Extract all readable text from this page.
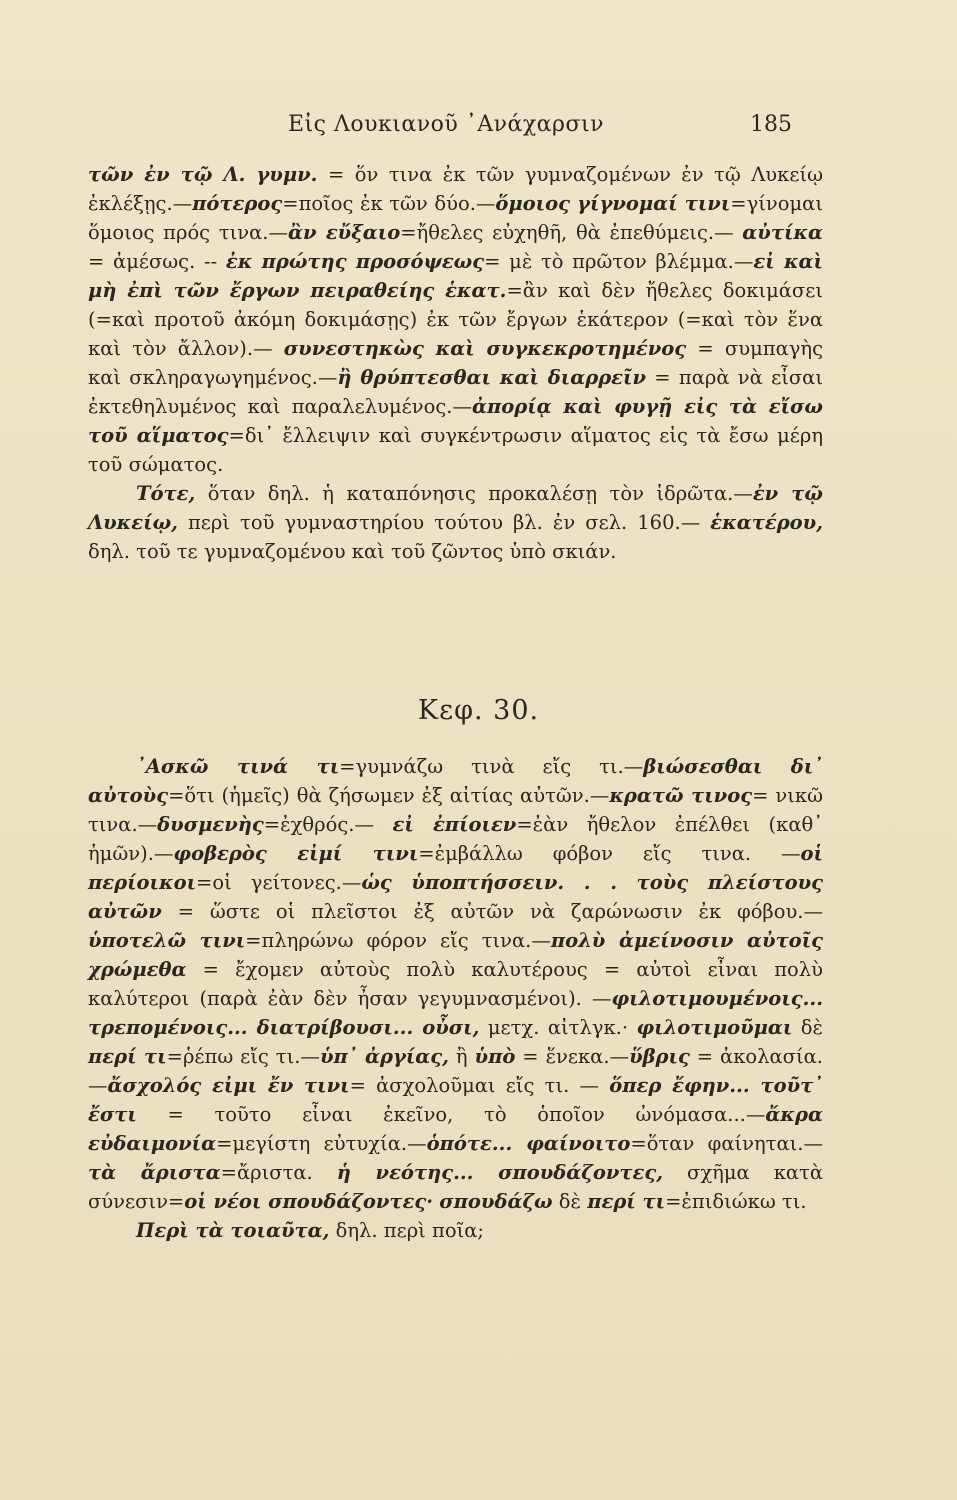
Εἰς Λουκιανοῦ ᾿Ανάχαρσιν	185

τῶν ἐν τῷ Λ. γυμν. = ὅν τινα ἐκ τῶν γυμναζομένων ἐν τῷ Λυκείῳ ἐκλέξῃς.—πότερος=ποῖος ἐκ τῶν δύο.—ὅμοιος γίγνομαί τινι=γίνομαι ὅμοιος πρός τινα.—ἂν εὔξαιο=ἤθελες εὐχηθῆ, θὰ ἐπεθύμεις.— αὐτίκα = ἀμέσως. -- ἐκ πρώτης προσόψεως= μὲ τὸ πρῶτον βλέμμα.—εἰ καὶ μὴ ἐπὶ τῶν ἔργων πειραθείης ἑκατ.=ἂν καὶ δὲν ἤθελες δοκιμάσει (=καὶ προτοῦ ἀκόμη δοκιμάσῃς) ἐκ τῶν ἔργων ἑκάτερον (=καὶ τὸν ἕνα καὶ τὸν ἄλλον).— συνεστηκὼς καὶ συγκεκροτημένος = συμπαγὴς καὶ σκληραγωγημένος.—ἢ θρύπτεσθαι καὶ διαρρεῖν = παρὰ νὰ εἶσαι ἐκτεθηλυμένος καὶ παραλελυμένος.—ἀπορίᾳ καὶ φυγῇ εἰς τὰ εἴσω τοῦ αἵματος=δι᾿ ἔλλειψιν καὶ συγκέντρωσιν αἵματος εἰς τὰ ἔσω μέρη τοῦ σώματος.

Τότε, ὅταν δηλ. ἡ καταπόνησις προκαλέσῃ τὸν ἱδρῶτα.—ἐν τῷ Λυκείῳ, περὶ τοῦ γυμναστηρίου τούτου βλ. ἐν σελ. 160.— ἑκατέρου, δηλ. τοῦ τε γυμναζομένου καὶ τοῦ ζῶντος ὑπὸ σκιάν.

Κεφ. 30.

᾿Ασκῶ τινά τι=γυμνάζω τινὰ εἴς τι.—βιώσεσθαι δι᾿ αὐτοὺς=ὅτι (ἡμεῖς) θὰ ζήσωμεν ἐξ αἰτίας αὐτῶν.—κρατῶ τινος= νικῶ τινα.—δυσμενὴς=ἐχθρός.— εἰ ἐπίοιεν=ἐὰν ἤθελον ἐπέλθει (καθ᾿ ἡμῶν).—φοβερὸς εἰμί τινι=ἐμβάλλω φόβον εἴς τινα. —οἱ περίοικοι=οἱ γείτονες.—ὡς ὑποπτήσσειν. . . τοὺς πλείστους αὐτῶν = ὥστε οἱ πλεῖστοι ἐξ αὐτῶν νὰ ζαρώνωσιν ἐκ φόβου.—ὑποτελῶ τινι=πληρώνω φόρον εἴς τινα.—πολὺ ἀμείνοσιν αὐτοῖς χρώμεθα = ἔχομεν αὐτοὺς πολὺ καλυτέρους = αὐτοὶ εἶναι πολὺ καλύτεροι (παρὰ ἐὰν δὲν ἦσαν γεγυμνασμένοι). —φιλοτιμουμένοις... τρεπομένοις... διατρίβουσι... οὖσι, μετχ. αἰτλγκ.· φιλοτιμοῦμαι δὲ περί τι=ῥέπω εἴς τι.—ὑπ᾿ ἀργίας, ἢ ὑπὸ = ἕνεκα.—ὕβρις = ἀκολασία.—ἄσχολός εἰμι ἔν τινι= ἀσχολοῦμαι εἴς τι. — ὅπερ ἔφην... τοῦτ᾿ ἔστι = τοῦτο εἶναι ἐκεῖνο, τὸ ὁποῖον ὠνόμασα...—ἄκρα εὐδαιμονία=μεγίστη εὐτυχία.—ὁπότε... φαίνοιτο=ὅταν φαίνηται.—τὰ ἄριστα=ἄριστα. ἡ νεότης... σπουδάζοντες, σχῆμα κατὰ σύνεσιν=οἱ νέοι σπουδάζοντες· σπουδάζω δὲ περί τι=ἐπιδιώκω τι.

Περὶ τὰ τοιαῦτα, δηλ. περὶ ποῖα;
